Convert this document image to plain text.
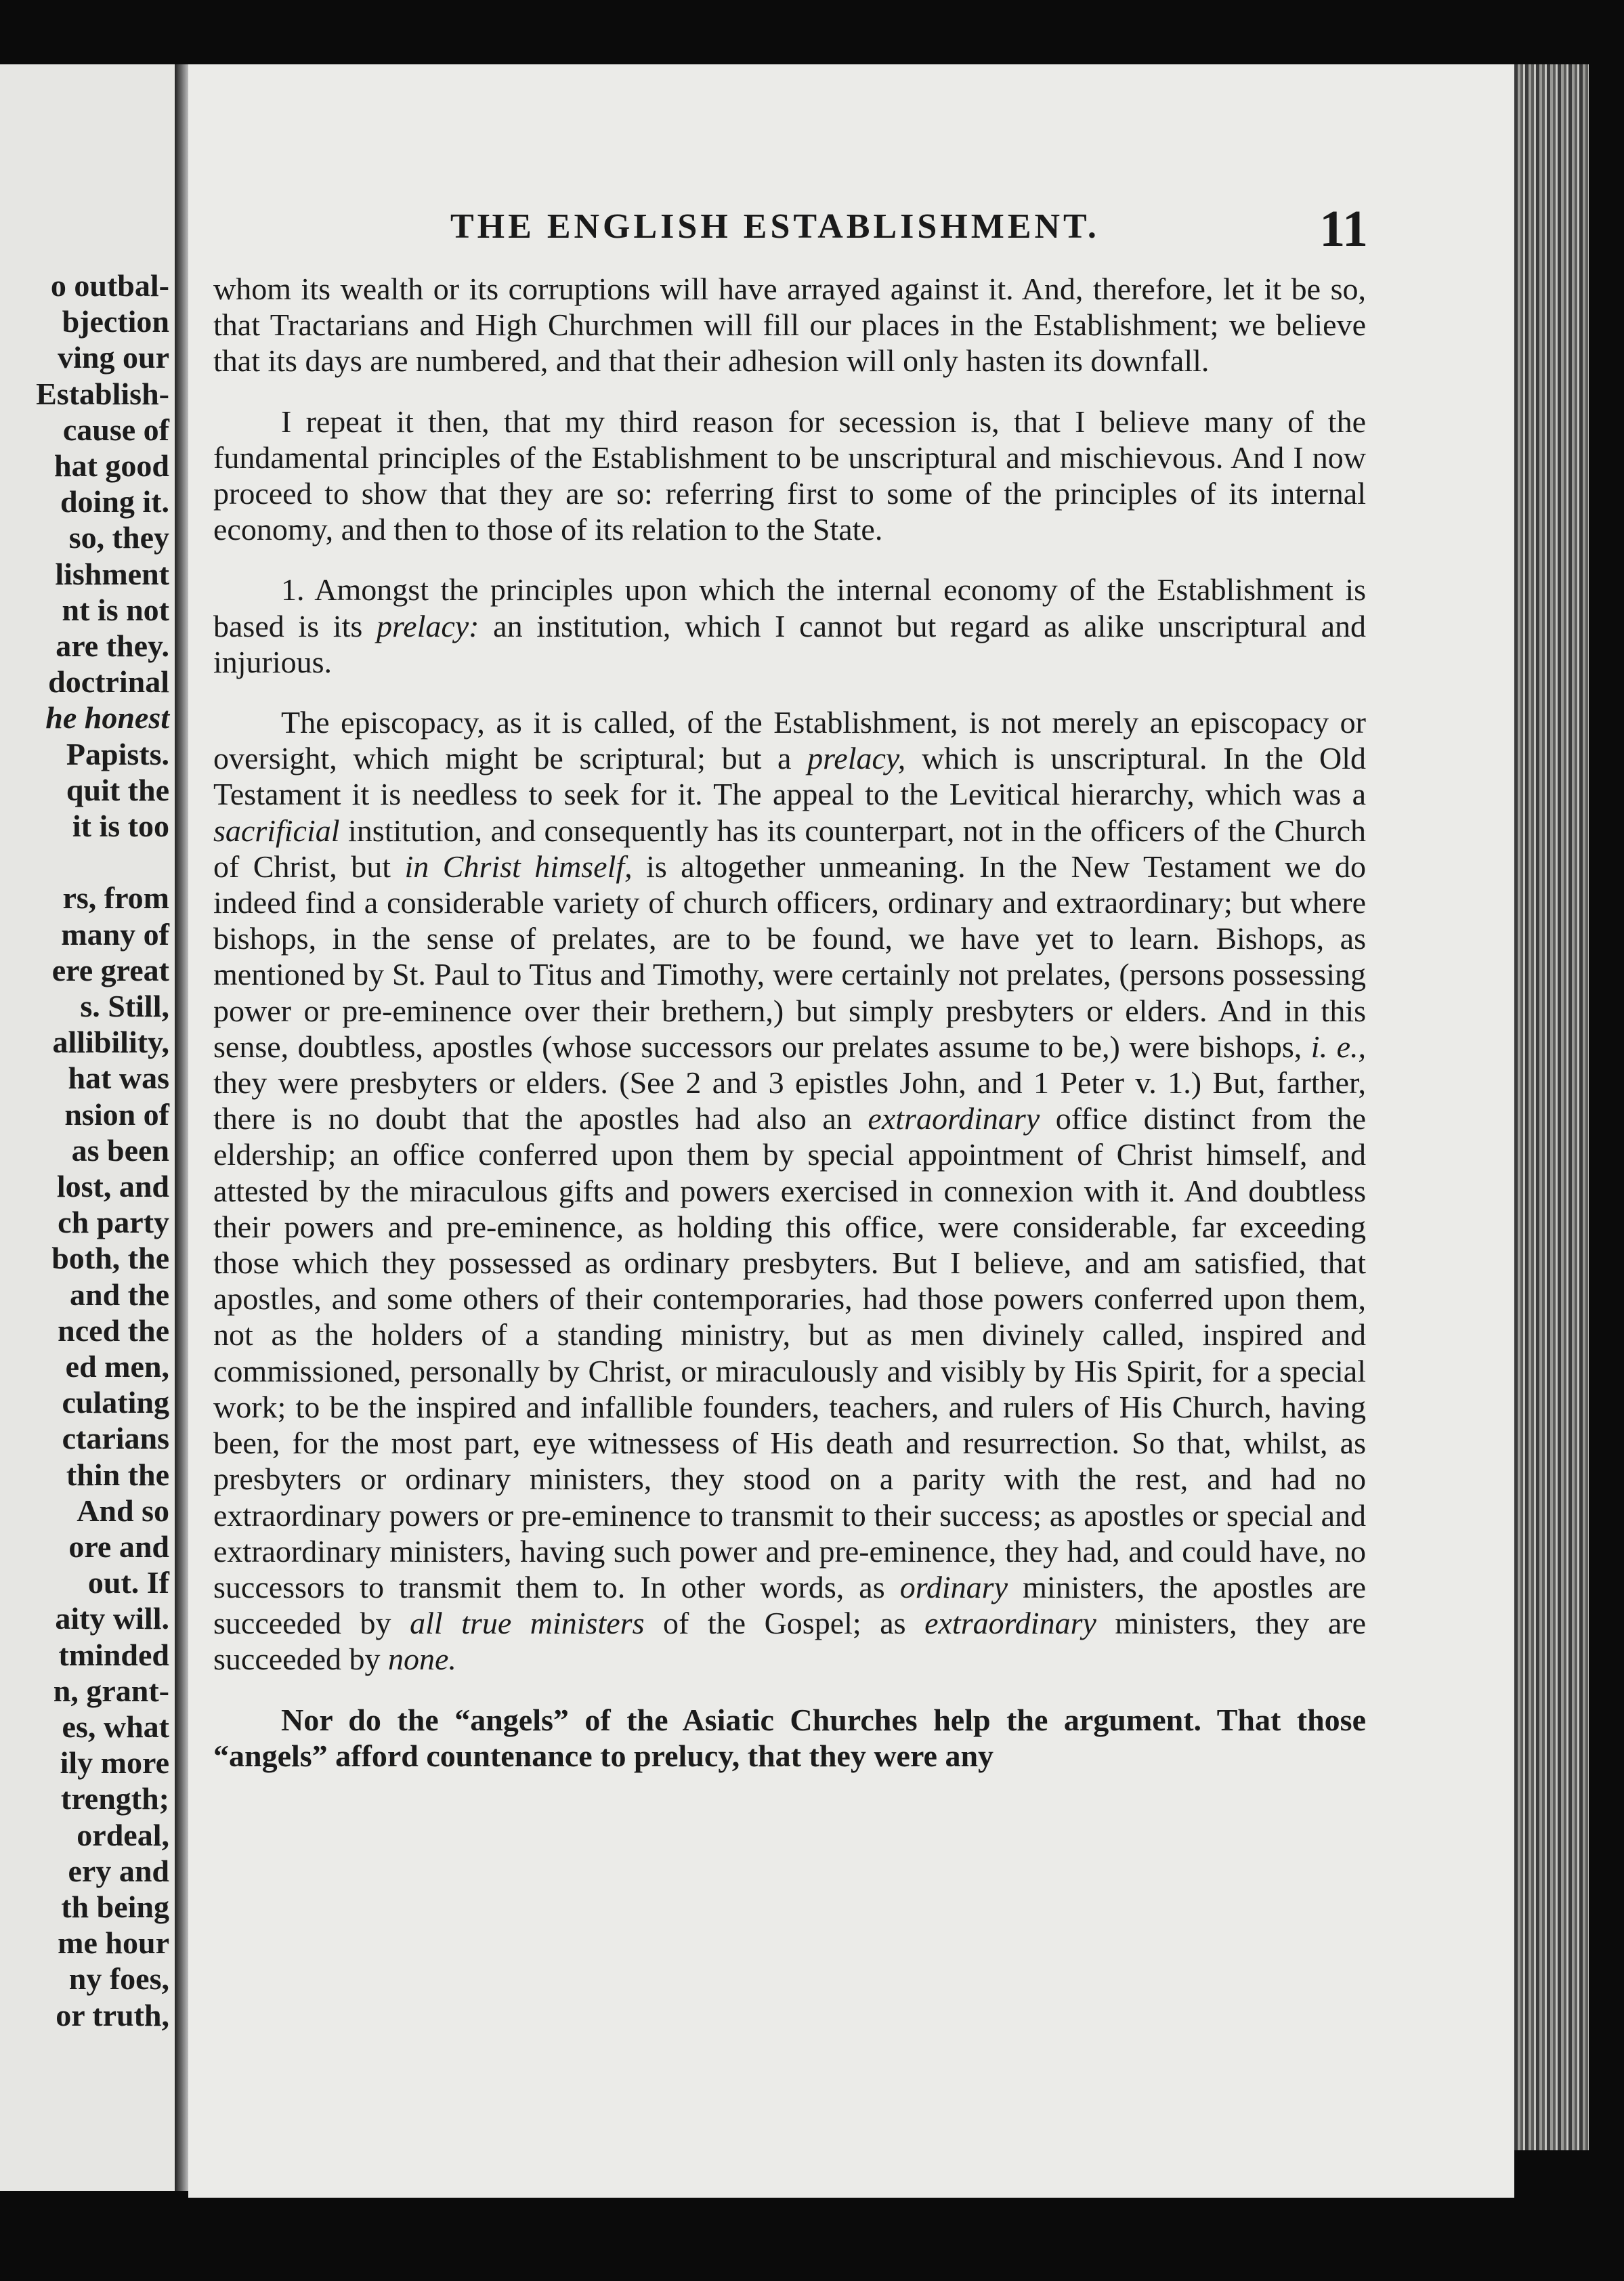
o outbal-
bjection
ving our
Establish-
cause of
hat good
doing it.
so, they
lishment
nt is not
are they.
doctrinal
he honest
Papists.
quit the
it is too
rs, from
many of
ere great
s. Still,
allibility,
hat was
nsion of
as been
lost, and
ch party
both, the
and the
nced the
ed men,
culating
ctarians
thin the
And so
ore and
out. If
aity will.
tminded
n, grant-
es, what
ily more
trength;
ordeal,
ery and
th being
me hour
ny foes,
or truth,
THE ENGLISH ESTABLISHMENT.	11

whom its wealth or its corruptions will have arrayed against it. And, therefore, let it be so, that Tractarians and High Churchmen will fill our places in the Establishment; we believe that its days are numbered, and that their adhesion will only hasten its downfall.

I repeat it then, that my third reason for secession is, that I believe many of the fundamental principles of the Establishment to be unscriptural and mischievous. And I now proceed to show that they are so: referring first to some of the principles of its internal economy, and then to those of its relation to the State.

1. Amongst the principles upon which the internal economy of the Establishment is based is its prelacy: an institution, which I cannot but regard as alike unscriptural and injurious.

The episcopacy, as it is called, of the Establishment, is not merely an episcopacy or oversight, which might be scriptural; but a prelacy, which is unscriptural. In the Old Testament it is needless to seek for it. The appeal to the Levitical hierarchy, which was a sacrificial institution, and consequently has its counterpart, not in the officers of the Church of Christ, but in Christ himself, is altogether unmeaning. In the New Testament we do indeed find a considerable variety of church officers, ordinary and extraordinary; but where bishops, in the sense of prelates, are to be found, we have yet to learn. Bishops, as mentioned by St. Paul to Titus and Timothy, were certainly not prelates, (persons possessing power or pre-eminence over their brethern,) but simply presbyters or elders. And in this sense, doubtless, apostles (whose successors our prelates assume to be,) were bishops, i. e., they were presbyters or elders. (See 2 and 3 epistles John, and 1 Peter v. 1.) But, farther, there is no doubt that the apostles had also an extraordinary office distinct from the eldership; an office conferred upon them by special appointment of Christ himself, and attested by the miraculous gifts and powers exercised in connexion with it. And doubtless their powers and pre-eminence, as holding this office, were considerable, far exceeding those which they possessed as ordinary presbyters. But I believe, and am satisfied, that apostles, and some others of their contemporaries, had those powers conferred upon them, not as the holders of a standing ministry, but as men divinely called, inspired and commissioned, personally by Christ, or miraculously and visibly by His Spirit, for a special work; to be the inspired and infallible founders, teachers, and rulers of His Church, having been, for the most part, eye witnessess of His death and resurrection. So that, whilst, as presbyters or ordinary ministers, they stood on a parity with the rest, and had no extraordinary powers or pre-eminence to transmit to their success; as apostles or special and extraordinary ministers, having such power and pre-eminence, they had, and could have, no successors to transmit them to. In other words, as ordinary ministers, the apostles are succeeded by all true ministers of the Gospel; as extraordinary ministers, they are succeeded by none.

Nor do the “angels” of the Asiatic Churches help the argument. That those “angels” afford countenance to prelucy, that they were any
